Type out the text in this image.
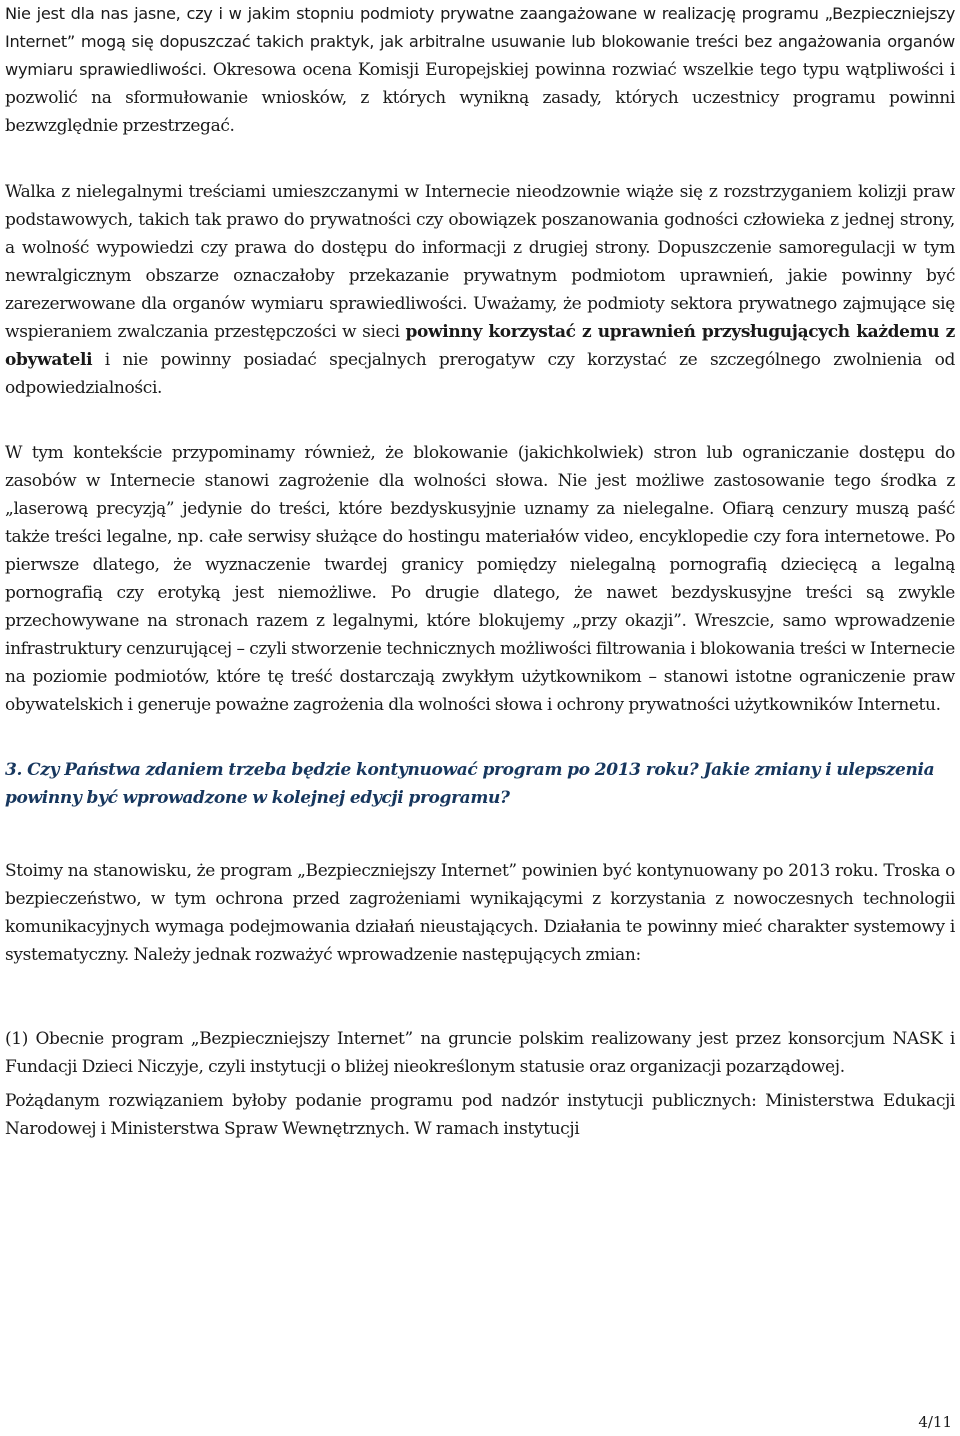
Nie jest dla nas jasne, czy i w jakim stopniu podmioty prywatne zaangażowane w realizację programu „Bezpieczniejszy Internet” mogą się dopuszczać takich praktyk, jak arbitralne usuwanie lub blokowanie treści bez angażowania organów wymiaru sprawiedliwości. Okresowa ocena Komisji Europejskiej powinna rozwiać wszelkie tego typu wątpliwości i pozwolić na sformułowanie wniosków, z których wynikną zasady, których uczestnicy programu powinni bezwzględnie przestrzegać.

Walka z nielegalnymi treściami umieszczanymi w Internecie nieodzownie wiąże się z rozstrzyganiem kolizji praw podstawowych, takich tak prawo do prywatności czy obowiązek poszanowania godności człowieka z jednej strony, a wolność wypowiedzi czy prawa do dostępu do informacji z drugiej strony. Dopuszczenie samoregulacji w tym newralgicznym obszarze oznaczałoby przekazanie prywatnym podmiotom uprawnień, jakie powinny być zarezerwowane dla organów wymiaru sprawiedliwości. Uważamy, że podmioty sektora prywatnego zajmujące się wspieraniem zwalczania przestępczości w sieci powinny korzystać z uprawnień przysługujących każdemu z obywateli i nie powinny posiadać specjalnych prerogatyw czy korzystać ze szczególnego zwolnienia od odpowiedzialności.

W tym kontekście przypominamy również, że blokowanie (jakichkolwiek) stron lub ograniczanie dostępu do zasobów w Internecie stanowi zagrożenie dla wolności słowa. Nie jest możliwe zastosowanie tego środka z „laserową precyzją” jedynie do treści, które bezdyskusyjnie uznamy za nielegalne. Ofiarą cenzury muszą paść także treści legalne, np. całe serwisy służące do hostingu materiałów video, encyklopedie czy fora internetowe. Po pierwsze dlatego, że wyznaczenie twardej granicy pomiędzy nielegalną pornografią dziecięcą a legalną pornografią czy erotyką jest niemożliwe. Po drugie dlatego, że nawet bezdyskusyjne treści są zwykle przechowywane na stronach razem z legalnymi, które blokujemy „przy okazji”. Wreszcie, samo wprowadzenie infrastruktury cenzurującej – czyli stworzenie technicznych możliwości filtrowania i blokowania treści w Internecie na poziomie podmiotów, które tę treść dostarczają zwykłym użytkownikom – stanowi istotne ograniczenie praw obywatelskich i generuje poważne zagrożenia dla wolności słowa i ochrony prywatności użytkowników Internetu.

3. Czy Państwa zdaniem trzeba będzie kontynuować program po 2013 roku? Jakie zmiany i ulepszenia powinny być wprowadzone w kolejnej edycji programu?

Stoimy na stanowisku, że program „Bezpieczniejszy Internet” powinien być kontynuowany po 2013 roku. Troska o bezpieczeństwo, w tym ochrona przed zagrożeniami wynikającymi z korzystania z nowoczesnych technologii komunikacyjnych wymaga podejmowania działań nieustających. Działania te powinny mieć charakter systemowy i systematyczny. Należy jednak rozważyć wprowadzenie następujących zmian:

(1) Obecnie program „Bezpieczniejszy Internet” na gruncie polskim realizowany jest przez konsorcjum NASK i Fundacji Dzieci Niczyje, czyli instytucji o bliżej nieokreślonym statusie oraz organizacji pozarządowej.

Pożądanym rozwiązaniem byłoby podanie programu pod nadzór instytucji publicznych: Ministerstwa Edukacji Narodowej i Ministerstwa Spraw Wewnętrznych. W ramach instytucji

4/11
